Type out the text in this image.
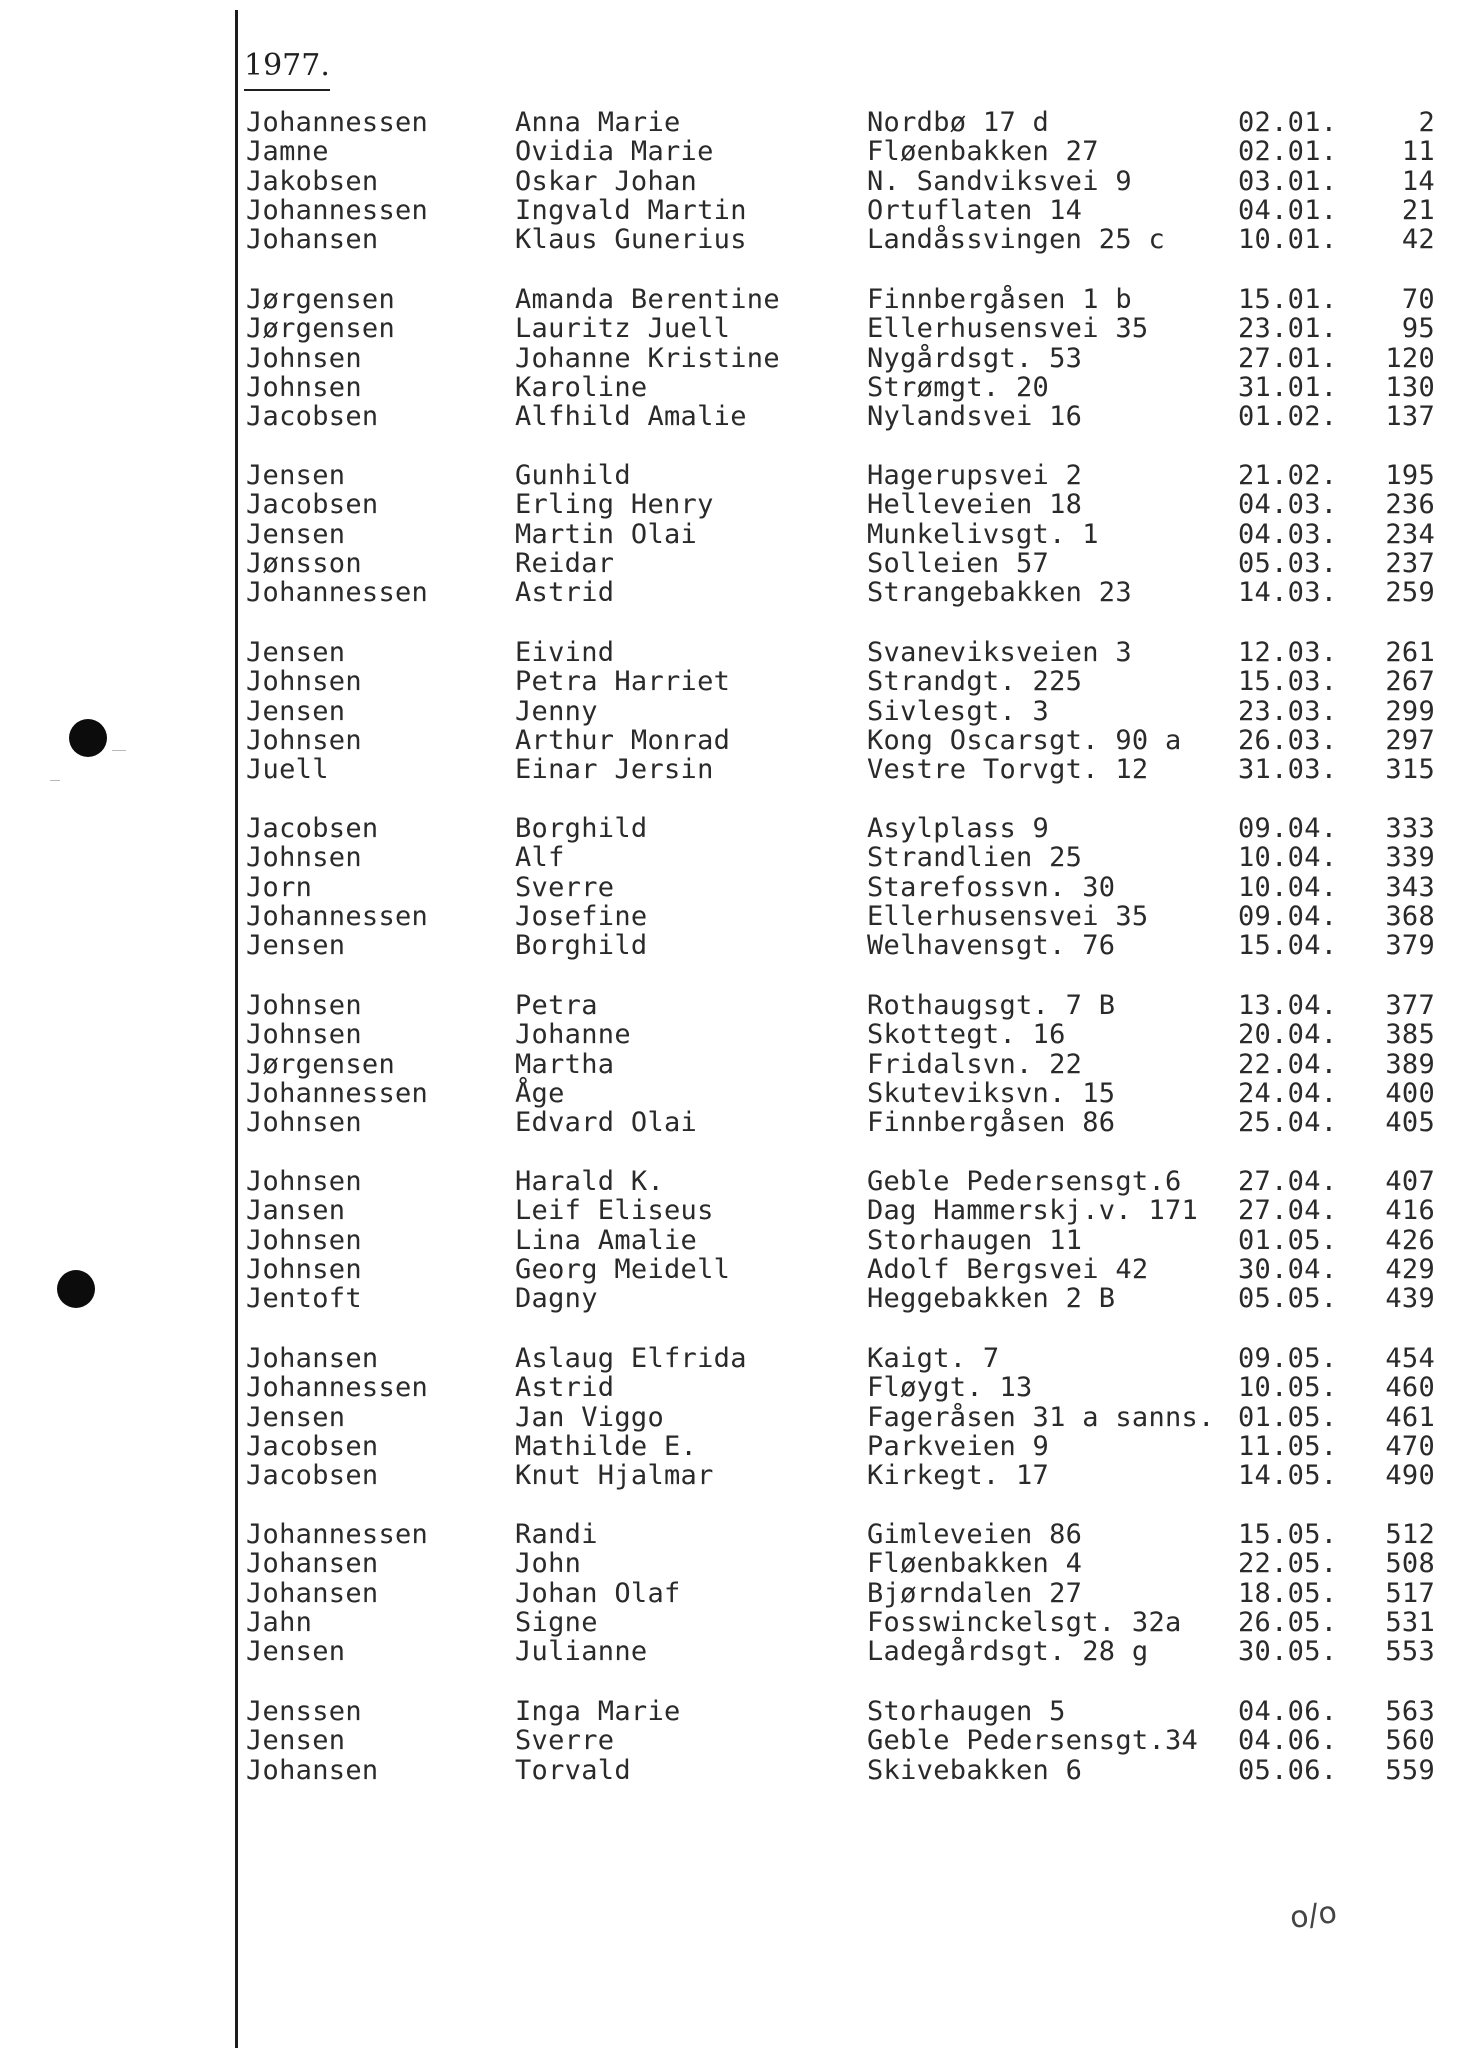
1977.
Johannessen	Anna Marie	Nordbø 17 d	02.01.	2
Jamne	Ovidia Marie	Fløenbakken 27	02.01.	11
Jakobsen	Oskar Johan	N. Sandviksvei 9	03.01.	14
Johannessen	Ingvald Martin	Ortuflaten 14	04.01.	21
Johansen	Klaus Gunerius	Landåssvingen 25 c	10.01.	42
Jørgensen	Amanda Berentine	Finnbergåsen 1 b	15.01.	70
Jørgensen	Lauritz Juell	Ellerhusensvei 35	23.01.	95
Johnsen	Johanne Kristine	Nygårdsgt. 53	27.01. 120
Johnsen	Karoline	Strømgt. 20	31.01. 130
Jacobsen	Alfhild Amalie	Nylandsvei 16	01.02. 137
Jensen	Gunhild	Hagerupsvei 2	21.02. 195
Jacobsen	Erling Henry	Helleveien 18	04.03. 236
Jensen	Martin Olai	Munkelivsgt. 1	04.03. 234
Jønsson	Reidar	Solleien 57	05.03. 237
Johannessen	Astrid	Strangebakken 23	14.03. 259
Jensen	Eivind	Svaneviksveien 3	12.03. 261
Johnsen	Petra Harriet	Strandgt. 225	15.03. 267
Jensen	Jenny	Sivlesgt. 3	23.03. 299
Johnsen	Arthur Monrad	Kong Oscarsgt. 90 a 26.03. 297
Juell	Einar Jersin	Vestre Torvgt. 12	31.03. 315
Jacobsen	Borghild	Asylplass 9	09.04. 333
Johnsen	Alf	Strandlien 25	10.04. 339
Jorn	Sverre	Starefossvn. 30	10.04. 343
Johannessen	Josefine	Ellerhusensvei 35	09.04. 368
Jensen	Borghild	Welhavensgt. 76	15.04. 379
Johnsen	Petra	Rothaugsgt. 7 B	13.04. 377
Johnsen	Johanne	Skottegt. 16	20.04. 385
Jørgensen	Martha	Fridalsvn. 22	22.04. 389
Johannessen	Åge	Skuteviksvn. 15	24.04. 400
Johnsen	Edvard Olai	Finnbergåsen 86	25.04. 405
Johnsen	Harald K.	Geble Pedersensgt.6 27.04. 407
Jansen	Leif Eliseus	Dag Hammerskj.v. 171 27.04. 416
Johnsen	Lina Amalie	Storhaugen 11	01.05. 426
Johnsen	Georg Meidell	Adolf Bergsvei 42	30.04. 429
Jentoft	Dagny	Heggebakken 2 B	05.05. 439
Johansen	Aslaug Elfrida	Kaigt. 7	09.05. 454
Johannessen	Astrid	Fløygt. 13	10.05. 460
Jensen	Jan Viggo	Fageråsen 31 a sanns. 01.05. 461
Jacobsen	Mathilde E.	Parkveien 9	11.05. 470
Jacobsen	Knut Hjalmar	Kirkegt. 17	14.05. 490
Johannessen	Randi	Gimleveien 86	15.05. 512
Johansen	John	Fløenbakken 4	22.05. 508
Johansen	Johan Olaf	Bjørndalen 27	18.05. 517
Jahn	Signe	Fosswinckelsgt. 32a 26.05. 531
Jensen	Julianne	Ladegårdsgt. 28 g	30.05. 553
Jenssen	Inga Marie	Storhaugen 5	04.06. 563
Jensen	Sverre	Geble Pedersensgt.34 04.06. 560
Johansen	Torvald	Skivebakken 6	05.06. 559
o/o
